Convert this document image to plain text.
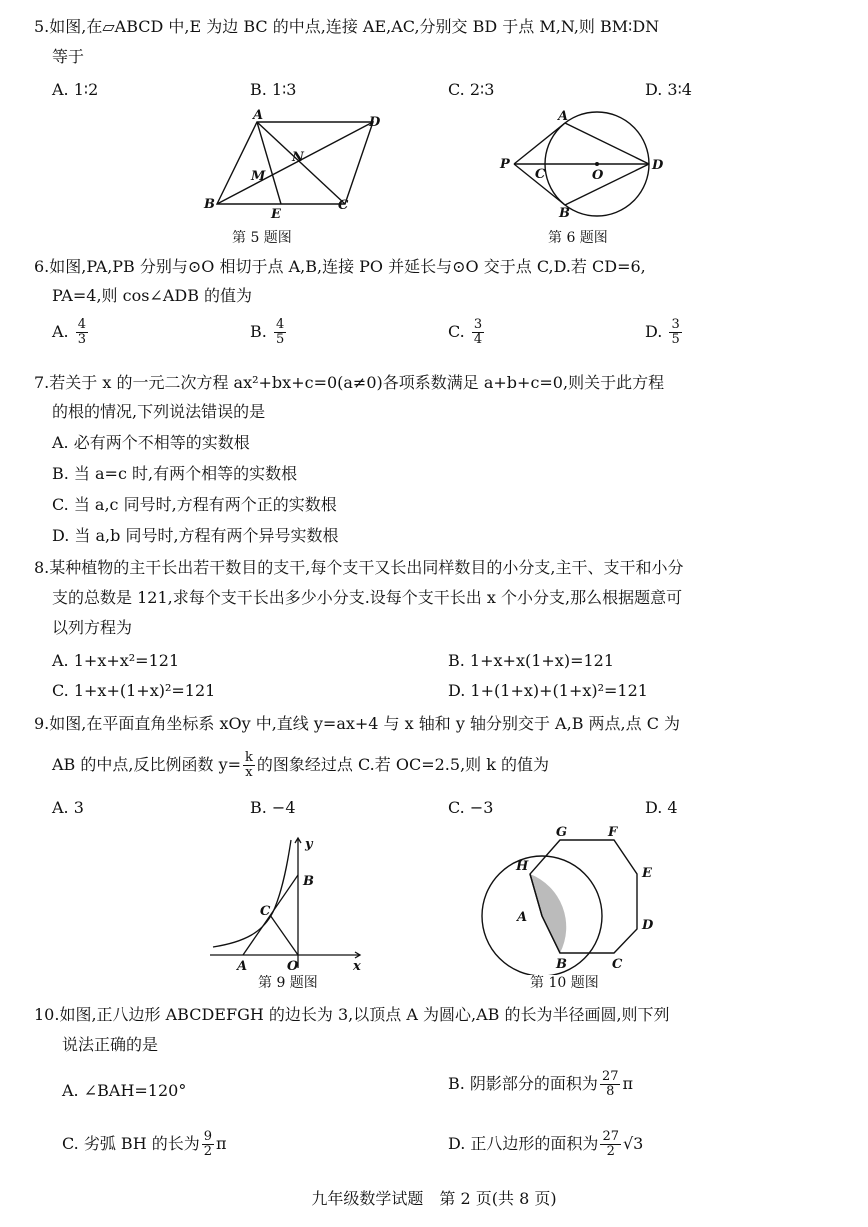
5.如图,在▱ABCD 中,E 为边 BC 的中点,连接 AE,AC,分别交 BD 于点 M,N,则 BM∶DN
等于
A. 1∶2	B. 1∶3	C. 2∶3	D. 3∶4
A	D
B	C
E
M
N
第 5 题图
A
B
C
D
O
P
第 6 题图
6.如图,PA,PB 分别与⊙O 相切于点 A,B,连接 PO 并延长与⊙O 交于点 C,D.若 CD=6,
PA=4,则 cos∠ADB 的值为
A. $\frac{4}{3}$	B. $\frac{4}{5}$	C. $\frac{3}{4}$	D. $\frac{3}{5}$
7.若关于 x 的一元二次方程 ax²+bx+c=0(a≠0)各项系数满足 a+b+c=0,则关于此方程
的根的情况,下列说法错误的是
A. 必有两个不相等的实数根
B. 当 a=c 时,有两个相等的实数根
C. 当 a,c 同号时,方程有两个正的实数根
D. 当 a,b 同号时,方程有两个异号实数根
8.某种植物的主干长出若干数目的支干,每个支干又长出同样数目的小分支,主干、支干和小分
支的总数是 121,求每个支干长出多少小分支.设每个支干长出 x 个小分支,那么根据题意可
以列方程为
A. 1+x+x²=121	B. 1+x+x(1+x)=121
C. 1+x+(1+x)²=121	D. 1+(1+x)+(1+x)²=121
9.如图,在平面直角坐标系 xOy 中,直线 y=ax+4 与 x 轴和 y 轴分别交于 A,B 两点,点 C 为
AB 的中点,反比例函数 $y= \frac{k}{x}$ 的图象经过点 C.若 OC=2.5,则 k 的值为
A. 3	B. −4	C. −3	D. 4
A
B
C
O	x
y
第 9 题图
A
B	C
D
E
F
G
H
第 10 题图
10.如图,正八边形 ABCDEFGH 的边长为 3,以顶点 A 为圆心,AB 的长为半径画圆,则下列
说法正确的是
A. ∠BAH=120°	B. 阴影部分的面积为 $\frac{27}{8}$ π
C. 劣弧 BH 的长为 $\frac{9}{2}$ π	D. 正八边形的面积为 $\frac{27}{2} √3$
九年级数学试题　第 2 页(共 8 页)
